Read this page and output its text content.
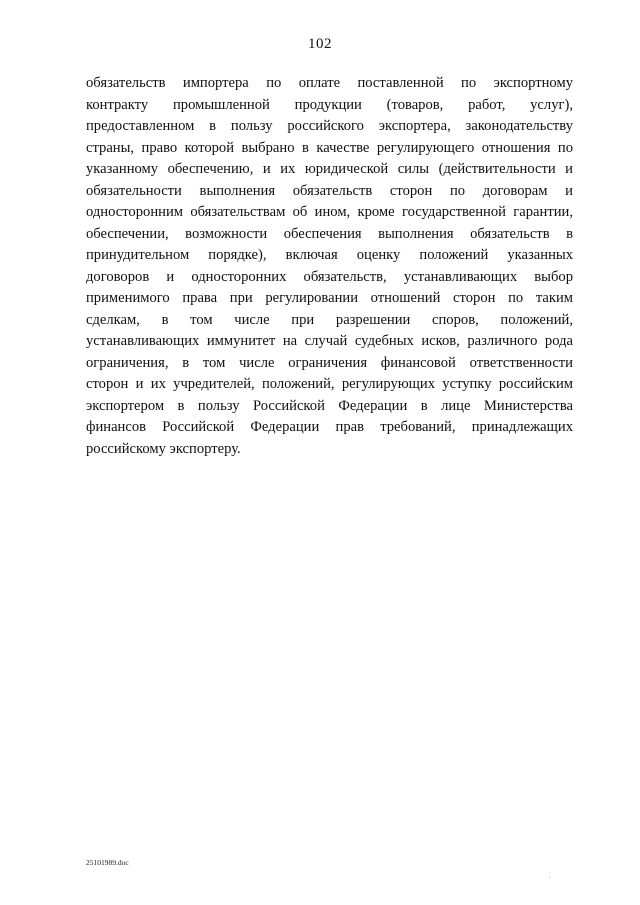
102
обязательств импортера по оплате поставленной по экспортному
контракту промышленной продукции (товаров, работ, услуг),
предоставленном в пользу российского экспортера, законодательству
страны, право которой выбрано в качестве регулирующего отношения по
указанному обеспечению, и их юридической силы (действительности и
обязательности выполнения обязательств сторон по договорам и
односторонним обязательствам об ином, кроме государственной гарантии,
обеспечении, возможности обеспечения выполнения обязательств в
принудительном порядке), включая оценку положений указанных
договоров и односторонних обязательств, устанавливающих выбор
применимого права при регулировании отношений сторон по таким
сделкам, в том числе при разрешении споров, положений,
устанавливающих иммунитет на случай судебных исков, различного рода
ограничения, в том числе ограничения финансовой ответственности
сторон и их учредителей, положений, регулирующих уступку российским
экспортером в пользу Российской Федерации в лице Министерства
финансов Российской Федерации прав требований, принадлежащих
российскому экспортеру.
25101989.doc
